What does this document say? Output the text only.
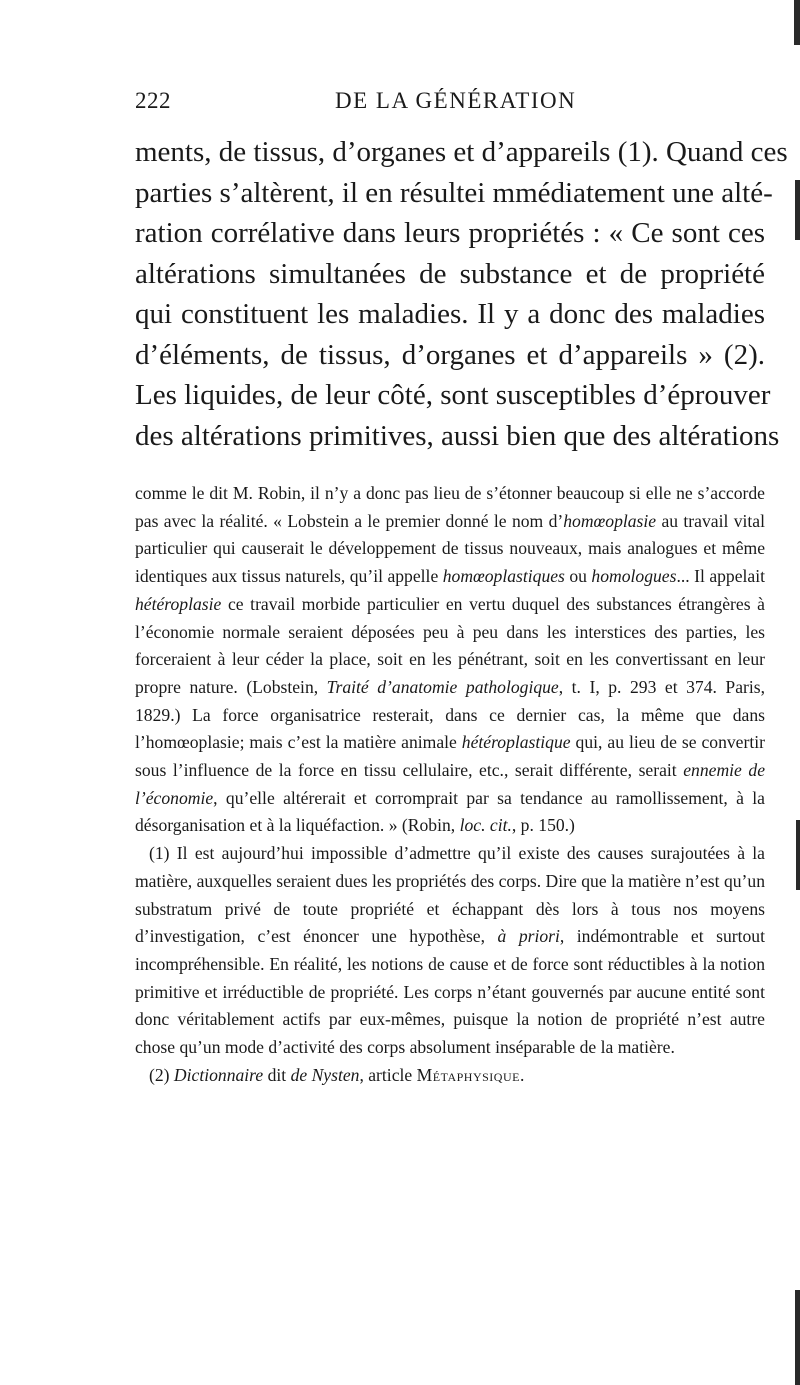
222	DE LA GÉNÉRATION
ments, de tissus, d’organes et d’appareils (1). Quand ces
parties s’altèrent, il en résultei mmédiatement une alté-
ration corrélative dans leurs propriétés : « Ce sont ces
altérations simultanées de substance et de propriété
qui constituent les maladies. Il y a donc des maladies
d’éléments, de tissus, d’organes et d’appareils » (2).
Les liquides, de leur côté, sont susceptibles d’éprouver
des altérations primitives, aussi bien que des altérations

comme le dit M. Robin, il n’y a donc pas lieu de s’étonner beaucoup si elle ne s’accorde pas avec la réalité. « Lobstein a le premier donné le nom d’homœoplasie au travail vital particulier qui causerait le développement de tissus nouveaux, mais analogues et même identiques aux tissus naturels, qu’il appelle homœoplastiques ou homologues... Il appelait hétéroplasie ce travail morbide particulier en vertu duquel des substances étrangères à l’économie normale seraient déposées peu à peu dans les interstices des parties, les forceraient à leur céder la place, soit en les pénétrant, soit en les convertissant en leur propre nature. (Lobstein, Traité d’anatomie pathologique, t. I, p. 293 et 374. Paris, 1829.) La force organisatrice resterait, dans ce dernier cas, la même que dans l’homœoplasie; mais c’est la matière animale hétéroplastique qui, au lieu de se convertir sous l’influence de la force en tissu cellulaire, etc., serait différente, serait ennemie de l’économie, qu’elle altérerait et corromprait par sa tendance au ramollissement, à la désorganisation et à la liquéfaction. » (Robin, loc. cit., p. 150.)

(1) Il est aujourd’hui impossible d’admettre qu’il existe des causes surajoutées à la matière, auxquelles seraient dues les propriétés des corps. Dire que la matière n’est qu’un substratum privé de toute propriété et échappant dès lors à tous nos moyens d’investigation, c’est énoncer une hypothèse, à priori, indémontrable et surtout incompréhensible. En réalité, les notions de cause et de force sont réductibles à la notion primitive et irréductible de propriété. Les corps n’étant gouvernés par aucune entité sont donc véritablement actifs par eux-mêmes, puisque la notion de propriété n’est autre chose qu’un mode d’activité des corps absolument inséparable de la matière.

(2) Dictionnaire dit de Nysten, article Métaphysique.
